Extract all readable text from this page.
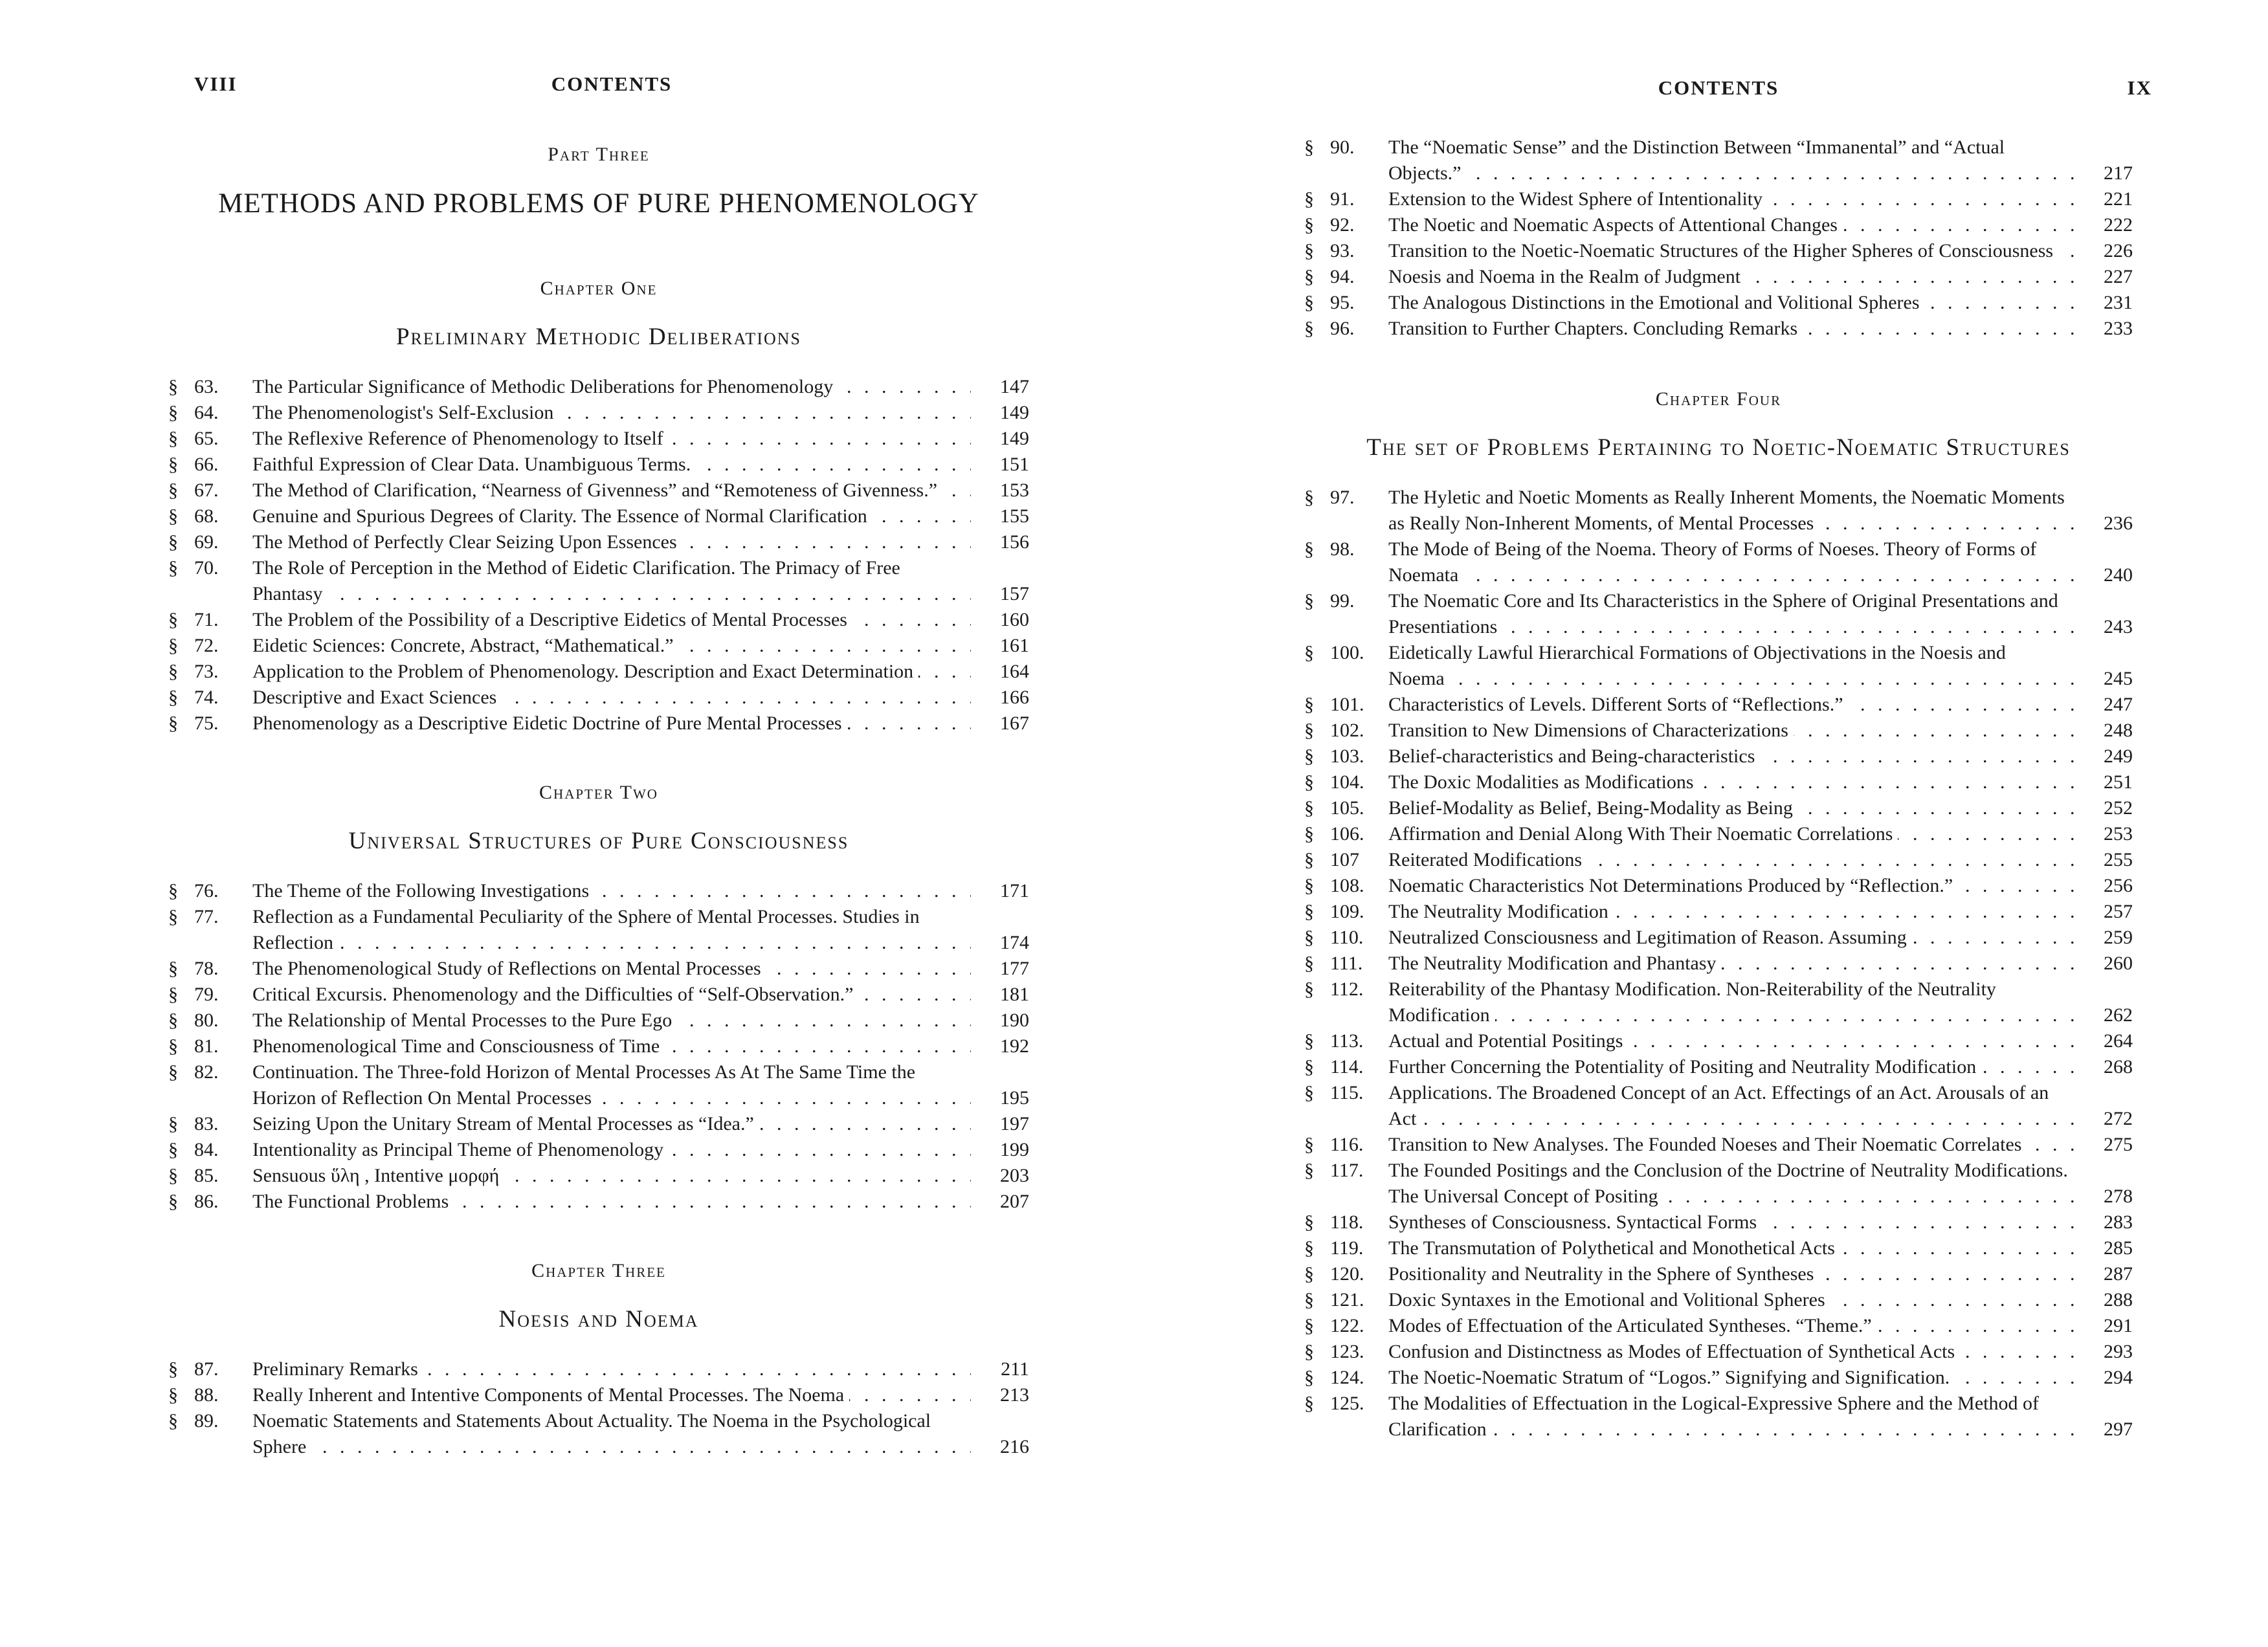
VIII	CONTENTS
Part Three
METHODS AND PROBLEMS OF PURE PHENOMENOLOGY
Chapter One
Preliminary Methodic Deliberations
§ 63.	The Particular Significance of Methodic Deliberations for Phenomenology . . .	147
§ 64.	The Phenomenologist's Self-Exclusion . . .	149
§ 65.	The Reflexive Reference of Phenomenology to Itself . . .	149
§ 66.	Faithful Expression of Clear Data. Unambiguous Terms. . . .	151
§ 67.	The Method of Clarification, “Nearness of Givenness” and “Remoteness of Givenness.” . . .	153
§ 68.	Genuine and Spurious Degrees of Clarity. The Essence of Normal Clarification . . .	155
§ 69.	The Method of Perfectly Clear Seizing Upon Essences . . .	156
§ 70.	The Role of Perception in the Method of Eidetic Clarification. The Primacy of Free Phantasy . . .	157
§ 71.	The Problem of the Possibility of a Descriptive Eidetics of Mental Processes . . .	160
§ 72.	Eidetic Sciences: Concrete, Abstract, “Mathematical.” . . .	161
§ 73.	Application to the Problem of Phenomenology. Description and Exact Determination . . .	164
§ 74.	Descriptive and Exact Sciences . . .	166
§ 75.	Phenomenology as a Descriptive Eidetic Doctrine of Pure Mental Processes . . .	167
Chapter Two
Universal Structures of Pure Consciousness
§ 76.	The Theme of the Following Investigations . . .	171
§ 77.	Reflection as a Fundamental Peculiarity of the Sphere of Mental Processes. Studies in Reflection . . .	174
§ 78.	The Phenomenological Study of Reflections on Mental Processes . . .	177
§ 79.	Critical Excursis. Phenomenology and the Difficulties of “Self-Observation.” . . .	181
§ 80.	The Relationship of Mental Processes to the Pure Ego . . .	190
§ 81.	Phenomenological Time and Consciousness of Time . . .	192
§ 82.	Continuation. The Three-fold Horizon of Mental Processes As At The Same Time the Horizon of Reflection On Mental Processes . . .	195
§ 83.	Seizing Upon the Unitary Stream of Mental Processes as “Idea.” . . .	197
§ 84.	Intentionality as Principal Theme of Phenomenology . . .	199
§ 85.	Sensuous ὕλη , Intentive μορφή . . .	203
§ 86.	The Functional Problems . . .	207
Chapter Three
Noesis and Noema
§ 87.	Preliminary Remarks . . .	211
§ 88.	Really Inherent and Intentive Components of Mental Processes. The Noema . . .	213
§ 89.	Noematic Statements and Statements About Actuality. The Noema in the Psychological Sphere . . .	216
CONTENTS	IX
§ 90.	The “Noematic Sense” and the Distinction Between “Immanental” and “Actual Objects.” . . .	217
§ 91.	Extension to the Widest Sphere of Intentionality . . .	221
§ 92.	The Noetic and Noematic Aspects of Attentional Changes . . .	222
§ 93.	Transition to the Noetic-Noematic Structures of the Higher Spheres of Consciousness . . .	226
§ 94.	Noesis and Noema in the Realm of Judgment . . .	227
§ 95.	The Analogous Distinctions in the Emotional and Volitional Spheres . . .	231
§ 96.	Transition to Further Chapters. Concluding Remarks . . .	233
Chapter Four
The set of Problems Pertaining to Noetic-Noematic Structures
§ 97.	The Hyletic and Noetic Moments as Really Inherent Moments, the Noematic Moments as Really Non-Inherent Moments, of Mental Processes . . .	236
§ 98.	The Mode of Being of the Noema. Theory of Forms of Noeses. Theory of Forms of Noemata . . .	240
§ 99.	The Noematic Core and Its Characteristics in the Sphere of Original Presentations and Presentiations . . .	243
§ 100.	Eidetically Lawful Hierarchical Formations of Objectivations in the Noesis and Noema . . .	245
§ 101.	Characteristics of Levels. Different Sorts of “Reflections.” . . .	247
§ 102.	Transition to New Dimensions of Characterizations . . .	248
§ 103.	Belief-characteristics and Being-characteristics . . .	249
§ 104.	The Doxic Modalities as Modifications . . .	251
§ 105.	Belief-Modality as Belief, Being-Modality as Being . . .	252
§ 106.	Affirmation and Denial Along With Their Noematic Correlations . . .	253
§ 107	Reiterated Modifications . . .	255
§ 108.	Noematic Characteristics Not Determinations Produced by “Reflection.” . . .	256
§ 109.	The Neutrality Modification . . .	257
§ 110.	Neutralized Consciousness and Legitimation of Reason. Assuming . . .	259
§ 111.	The Neutrality Modification and Phantasy . . .	260
§ 112.	Reiterability of the Phantasy Modification. Non-Reiterability of the Neutrality Modification . . .	262
§ 113.	Actual and Potential Positings . . .	264
§ 114.	Further Concerning the Potentiality of Positing and Neutrality Modification . . .	268
§ 115.	Applications. The Broadened Concept of an Act. Effectings of an Act. Arousals of an Act . . .	272
§ 116.	Transition to New Analyses. The Founded Noeses and Their Noematic Correlates . . .	275
§ 117.	The Founded Positings and the Conclusion of the Doctrine of Neutrality Modifications. The Universal Concept of Positing . . .	278
§ 118.	Syntheses of Consciousness. Syntactical Forms . . .	283
§ 119.	The Transmutation of Polythetical and Monothetical Acts . . .	285
§ 120.	Positionality and Neutrality in the Sphere of Syntheses . . .	287
§ 121.	Doxic Syntaxes in the Emotional and Volitional Spheres . . .	288
§ 122.	Modes of Effectuation of the Articulated Syntheses. “Theme.” . . .	291
§ 123.	Confusion and Distinctness as Modes of Effectuation of Synthetical Acts . . .	293
§ 124.	The Noetic-Noematic Stratum of “Logos.” Signifying and Signification. . . .	294
§ 125.	The Modalities of Effectuation in the Logical-Expressive Sphere and the Method of Clarification . . .	297
